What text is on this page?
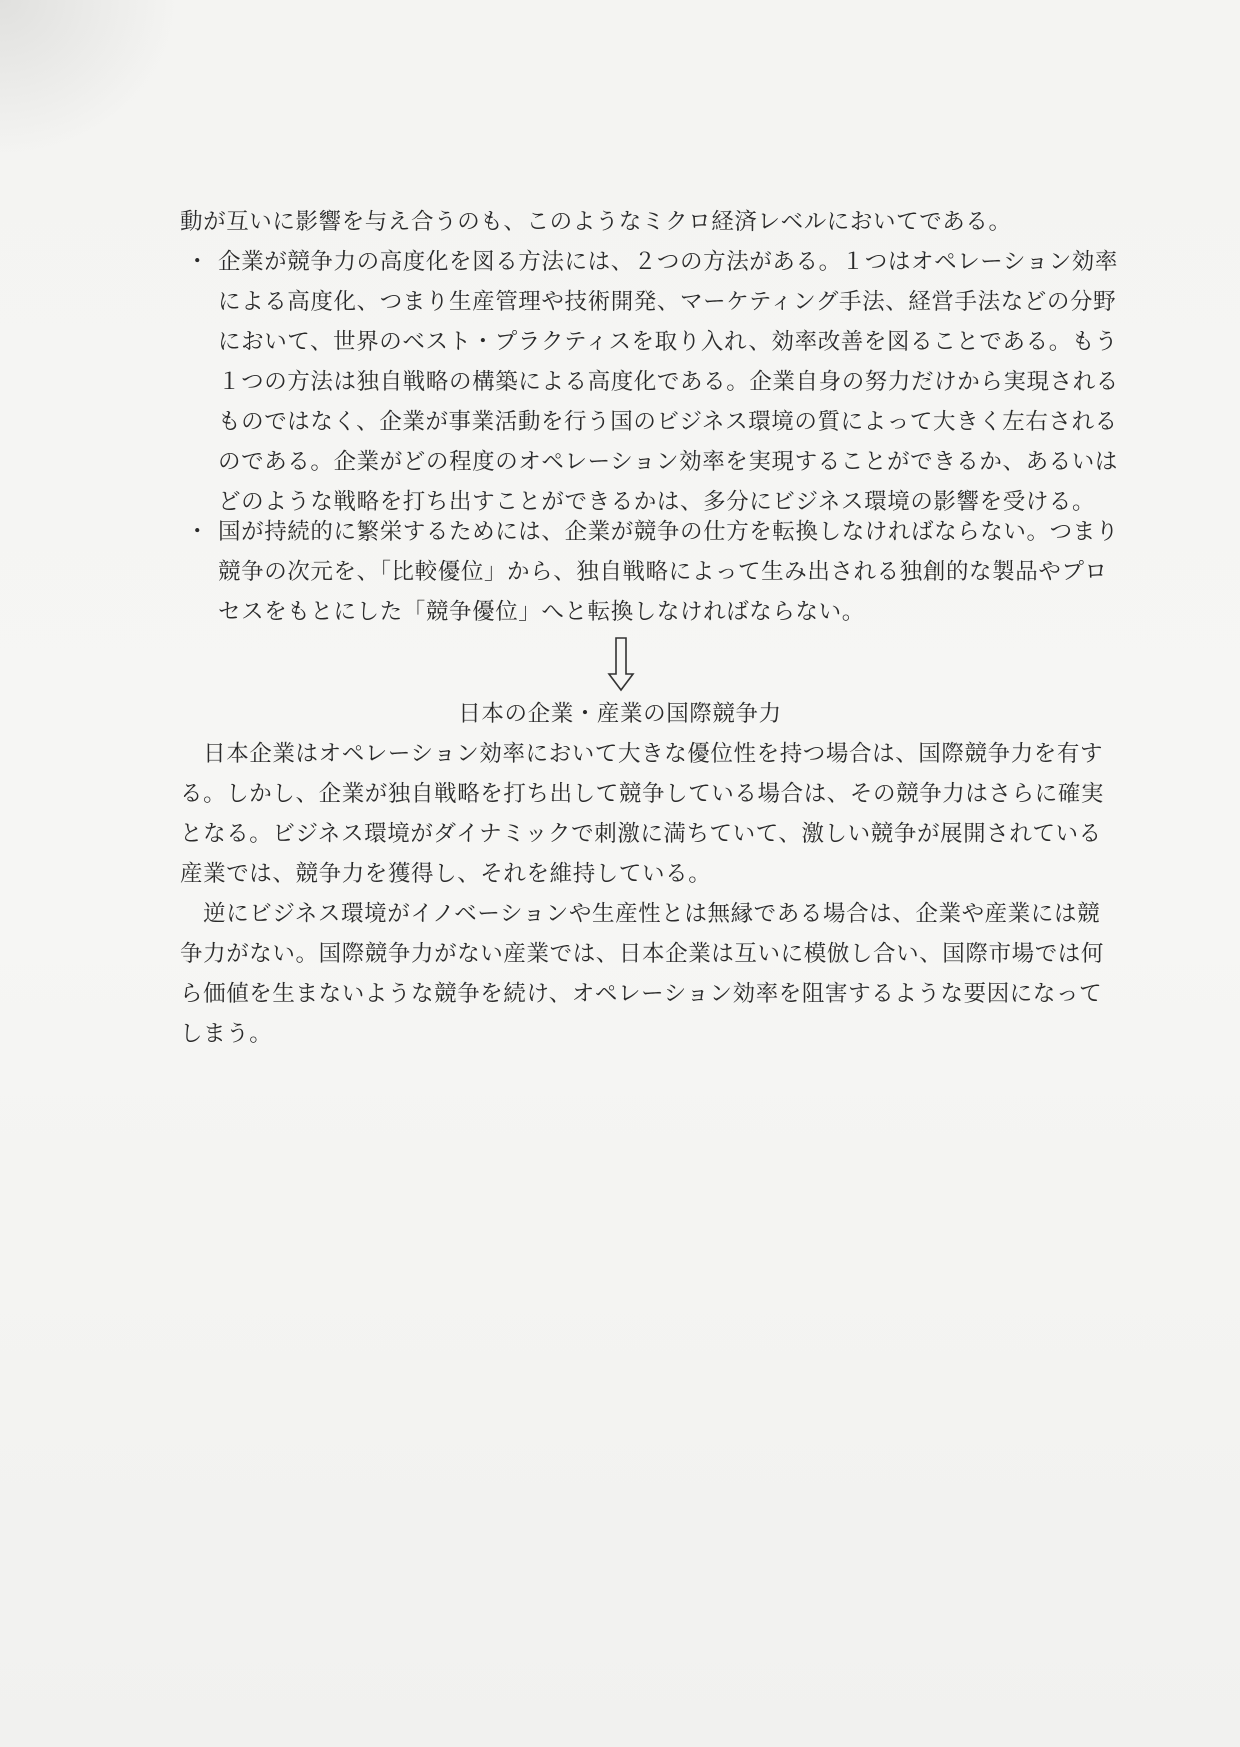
動が互いに影響を与え合うのも、このようなミクロ経済レベルにおいてである。
・ 企業が競争力の高度化を図る方法には、２つの方法がある。１つはオペレーション効率
による高度化、つまり生産管理や技術開発、マーケティング手法、経営手法などの分野
において、世界のベスト・プラクティスを取り入れ、効率改善を図ることである。もう
１つの方法は独自戦略の構築による高度化である。企業自身の努力だけから実現される
ものではなく、企業が事業活動を行う国のビジネス環境の質によって大きく左右される
のである。企業がどの程度のオペレーション効率を実現することができるか、あるいは
どのような戦略を打ち出すことができるかは、多分にビジネス環境の影響を受ける。
・ 国が持続的に繁栄するためには、企業が競争の仕方を転換しなければならない。つまり
競争の次元を、「比較優位」から、独自戦略によって生み出される独創的な製品やプロ
セスをもとにした「競争優位」へと転換しなければならない。
日本の企業・産業の国際競争力
　日本企業はオペレーション効率において大きな優位性を持つ場合は、国際競争力を有す
る。しかし、企業が独自戦略を打ち出して競争している場合は、その競争力はさらに確実
となる。ビジネス環境がダイナミックで刺激に満ちていて、激しい競争が展開されている
産業では、競争力を獲得し、それを維持している。
　逆にビジネス環境がイノベーションや生産性とは無縁である場合は、企業や産業には競
争力がない。国際競争力がない産業では、日本企業は互いに模倣し合い、国際市場では何
ら価値を生まないような競争を続け、オペレーション効率を阻害するような要因になって
しまう。
